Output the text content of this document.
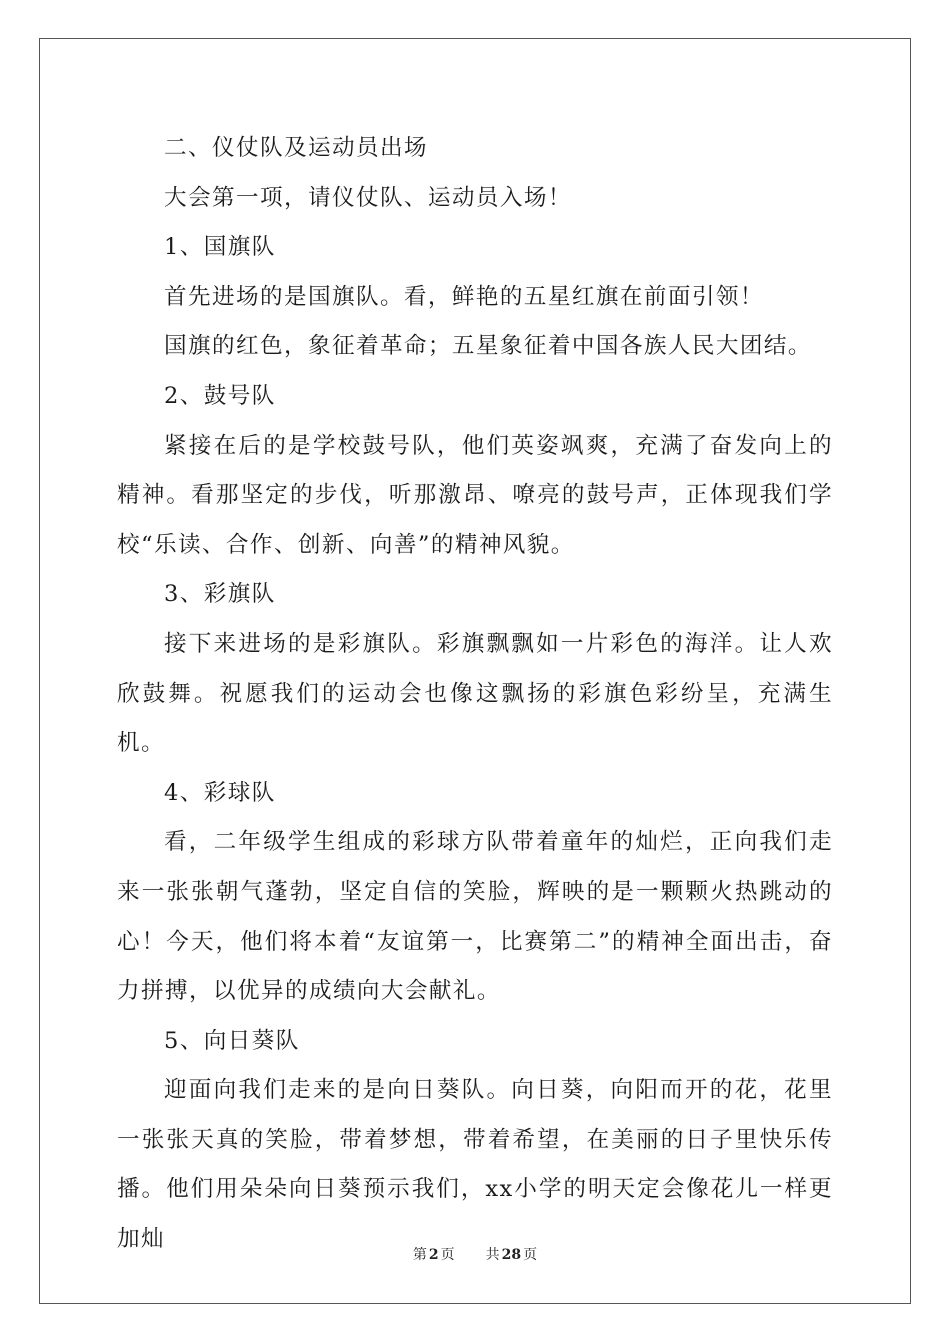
二、仪仗队及运动员出场

大会第一项，请仪仗队、运动员入场！

1、国旗队

首先进场的是国旗队。看，鲜艳的五星红旗在前面引领！

国旗的红色，象征着革命；五星象征着中国各族人民大团结。

2、鼓号队

紧接在后的是学校鼓号队，他们英姿飒爽，充满了奋发向上的精神。看那坚定的步伐，听那激昂、嘹亮的鼓号声，正体现我们学校“乐读、合作、创新、向善”的精神风貌。

3、彩旗队

接下来进场的是彩旗队。彩旗飘飘如一片彩色的海洋。让人欢欣鼓舞。祝愿我们的运动会也像这飘扬的彩旗色彩纷呈，充满生机。

4、彩球队

看，二年级学生组成的彩球方队带着童年的灿烂，正向我们走来一张张朝气蓬勃，坚定自信的笑脸，辉映的是一颗颗火热跳动的心！今天，他们将本着“友谊第一，比赛第二”的精神全面出击，奋力拼搏，以优异的成绩向大会献礼。

5、向日葵队

迎面向我们走来的是向日葵队。向日葵，向阳而开的花，花里一张张天真的笑脸，带着梦想，带着希望，在美丽的日子里快乐传播。他们用朵朵向日葵预示我们，xx小学的明天定会像花儿一样更加灿

第 2 页 共 28 页
